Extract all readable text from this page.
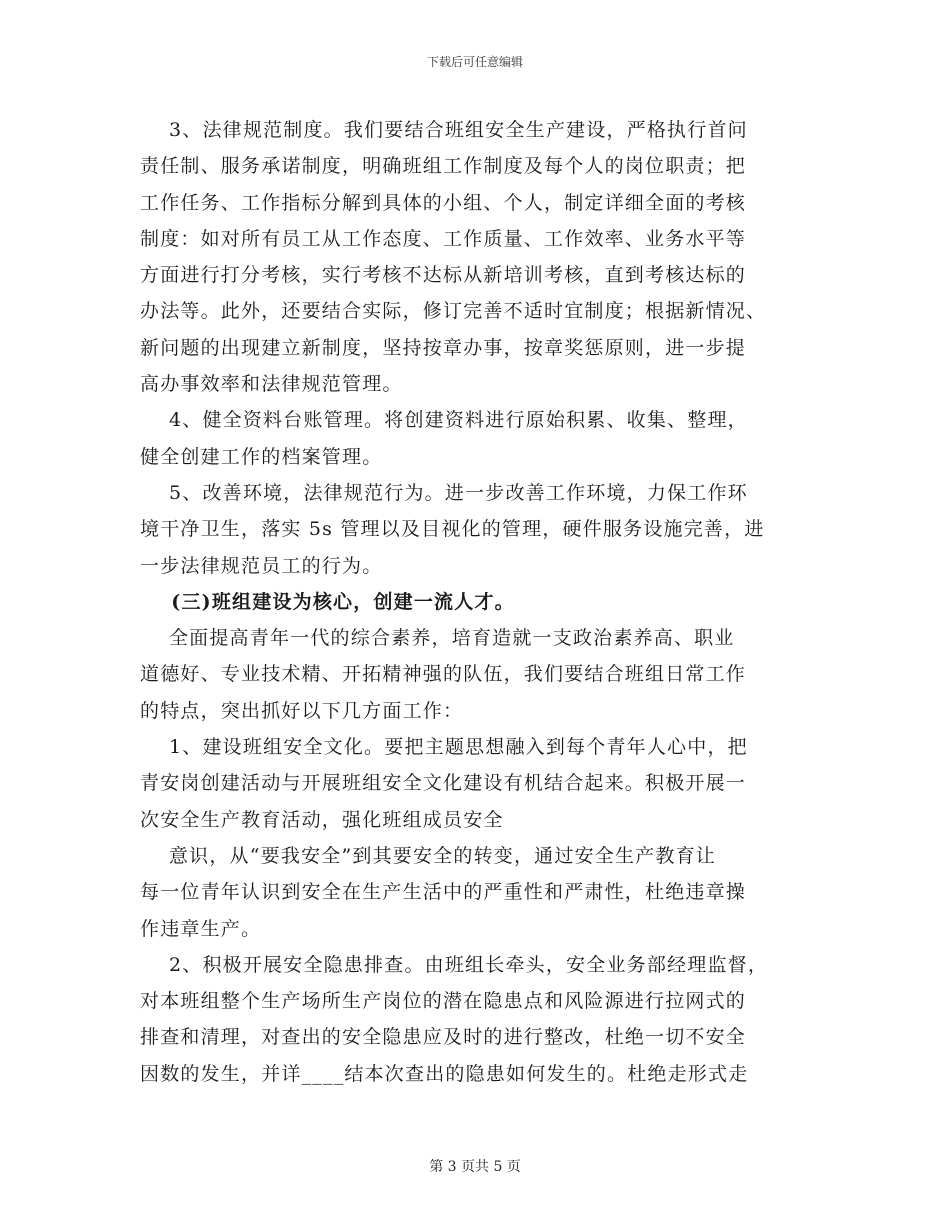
下载后可任意编辑
3、法律规范制度。我们要结合班组安全生产建设，严格执行首问
责任制、服务承诺制度，明确班组工作制度及每个人的岗位职责；把
工作任务、工作指标分解到具体的小组、个人，制定详细全面的考核
制度：如对所有员工从工作态度、工作质量、工作效率、业务水平等
方面进行打分考核，实行考核不达标从新培训考核，直到考核达标的
办法等。此外，还要结合实际，修订完善不适时宜制度；根据新情况、
新问题的出现建立新制度，坚持按章办事，按章奖惩原则，进一步提
高办事效率和法律规范管理。
4、健全资料台账管理。将创建资料进行原始积累、收集、整理，
健全创建工作的档案管理。
5、改善环境，法律规范行为。进一步改善工作环境，力保工作环
境干净卫生，落实 5s 管理以及目视化的管理，硬件服务设施完善，进
一步法律规范员工的行为。
(三)班组建设为核心，创建一流人才。
全面提高青年一代的综合素养，培育造就一支政治素养高、职业
道德好、专业技术精、开拓精神强的队伍，我们要结合班组日常工作
的特点，突出抓好以下几方面工作：
1、建设班组安全文化。要把主题思想融入到每个青年人心中，把
青安岗创建活动与开展班组安全文化建设有机结合起来。积极开展一
次安全生产教育活动，强化班组成员安全
意识，从“要我安全”到其要安全的转变，通过安全生产教育让
每一位青年认识到安全在生产生活中的严重性和严肃性，杜绝违章操
作违章生产。
2、积极开展安全隐患排查。由班组长牵头，安全业务部经理监督，
对本班组整个生产场所生产岗位的潜在隐患点和风险源进行拉网式的
排查和清理，对查出的安全隐患应及时的进行整改，杜绝一切不安全
因数的发生，并详____结本次查出的隐患如何发生的。杜绝走形式走
第 3 页共 5 页
